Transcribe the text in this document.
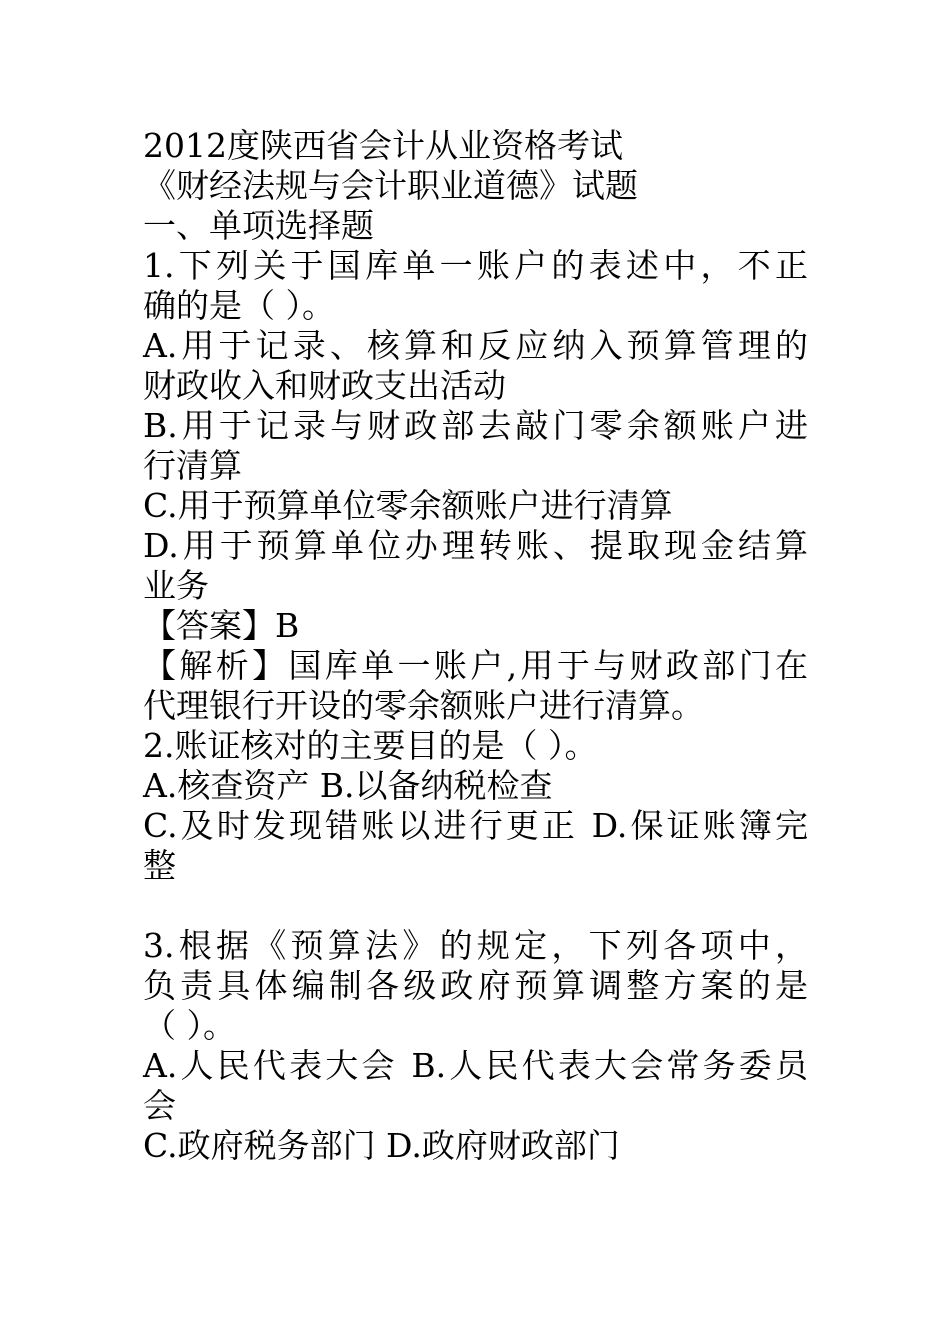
2012度陕西省会计从业资格考试
《财经法规与会计职业道德》试题
一、单项选择题
1.下列关于国库单一账户的表述中，不正
确的是（ ）。
A.用于记录、核算和反应纳入预算管理的
财政收入和财政支出活动
B.用于记录与财政部去敲门零余额账户进
行清算
C.用于预算单位零余额账户进行清算
D.用于预算单位办理转账、提取现金结算
业务
【答案】B
【解析】国库单一账户,用于与财政部门在
代理银行开设的零余额账户进行清算。
2.账证核对的主要目的是（ ）。
A.核查资产 B.以备纳税检查
C.及时发现错账以进行更正 D.保证账簿完
整
3.根据《预算法》的规定，下列各项中，
负责具体编制各级政府预算调整方案的是
（ ）。
A.人民代表大会 B.人民代表大会常务委员
会
C.政府税务部门 D.政府财政部门
